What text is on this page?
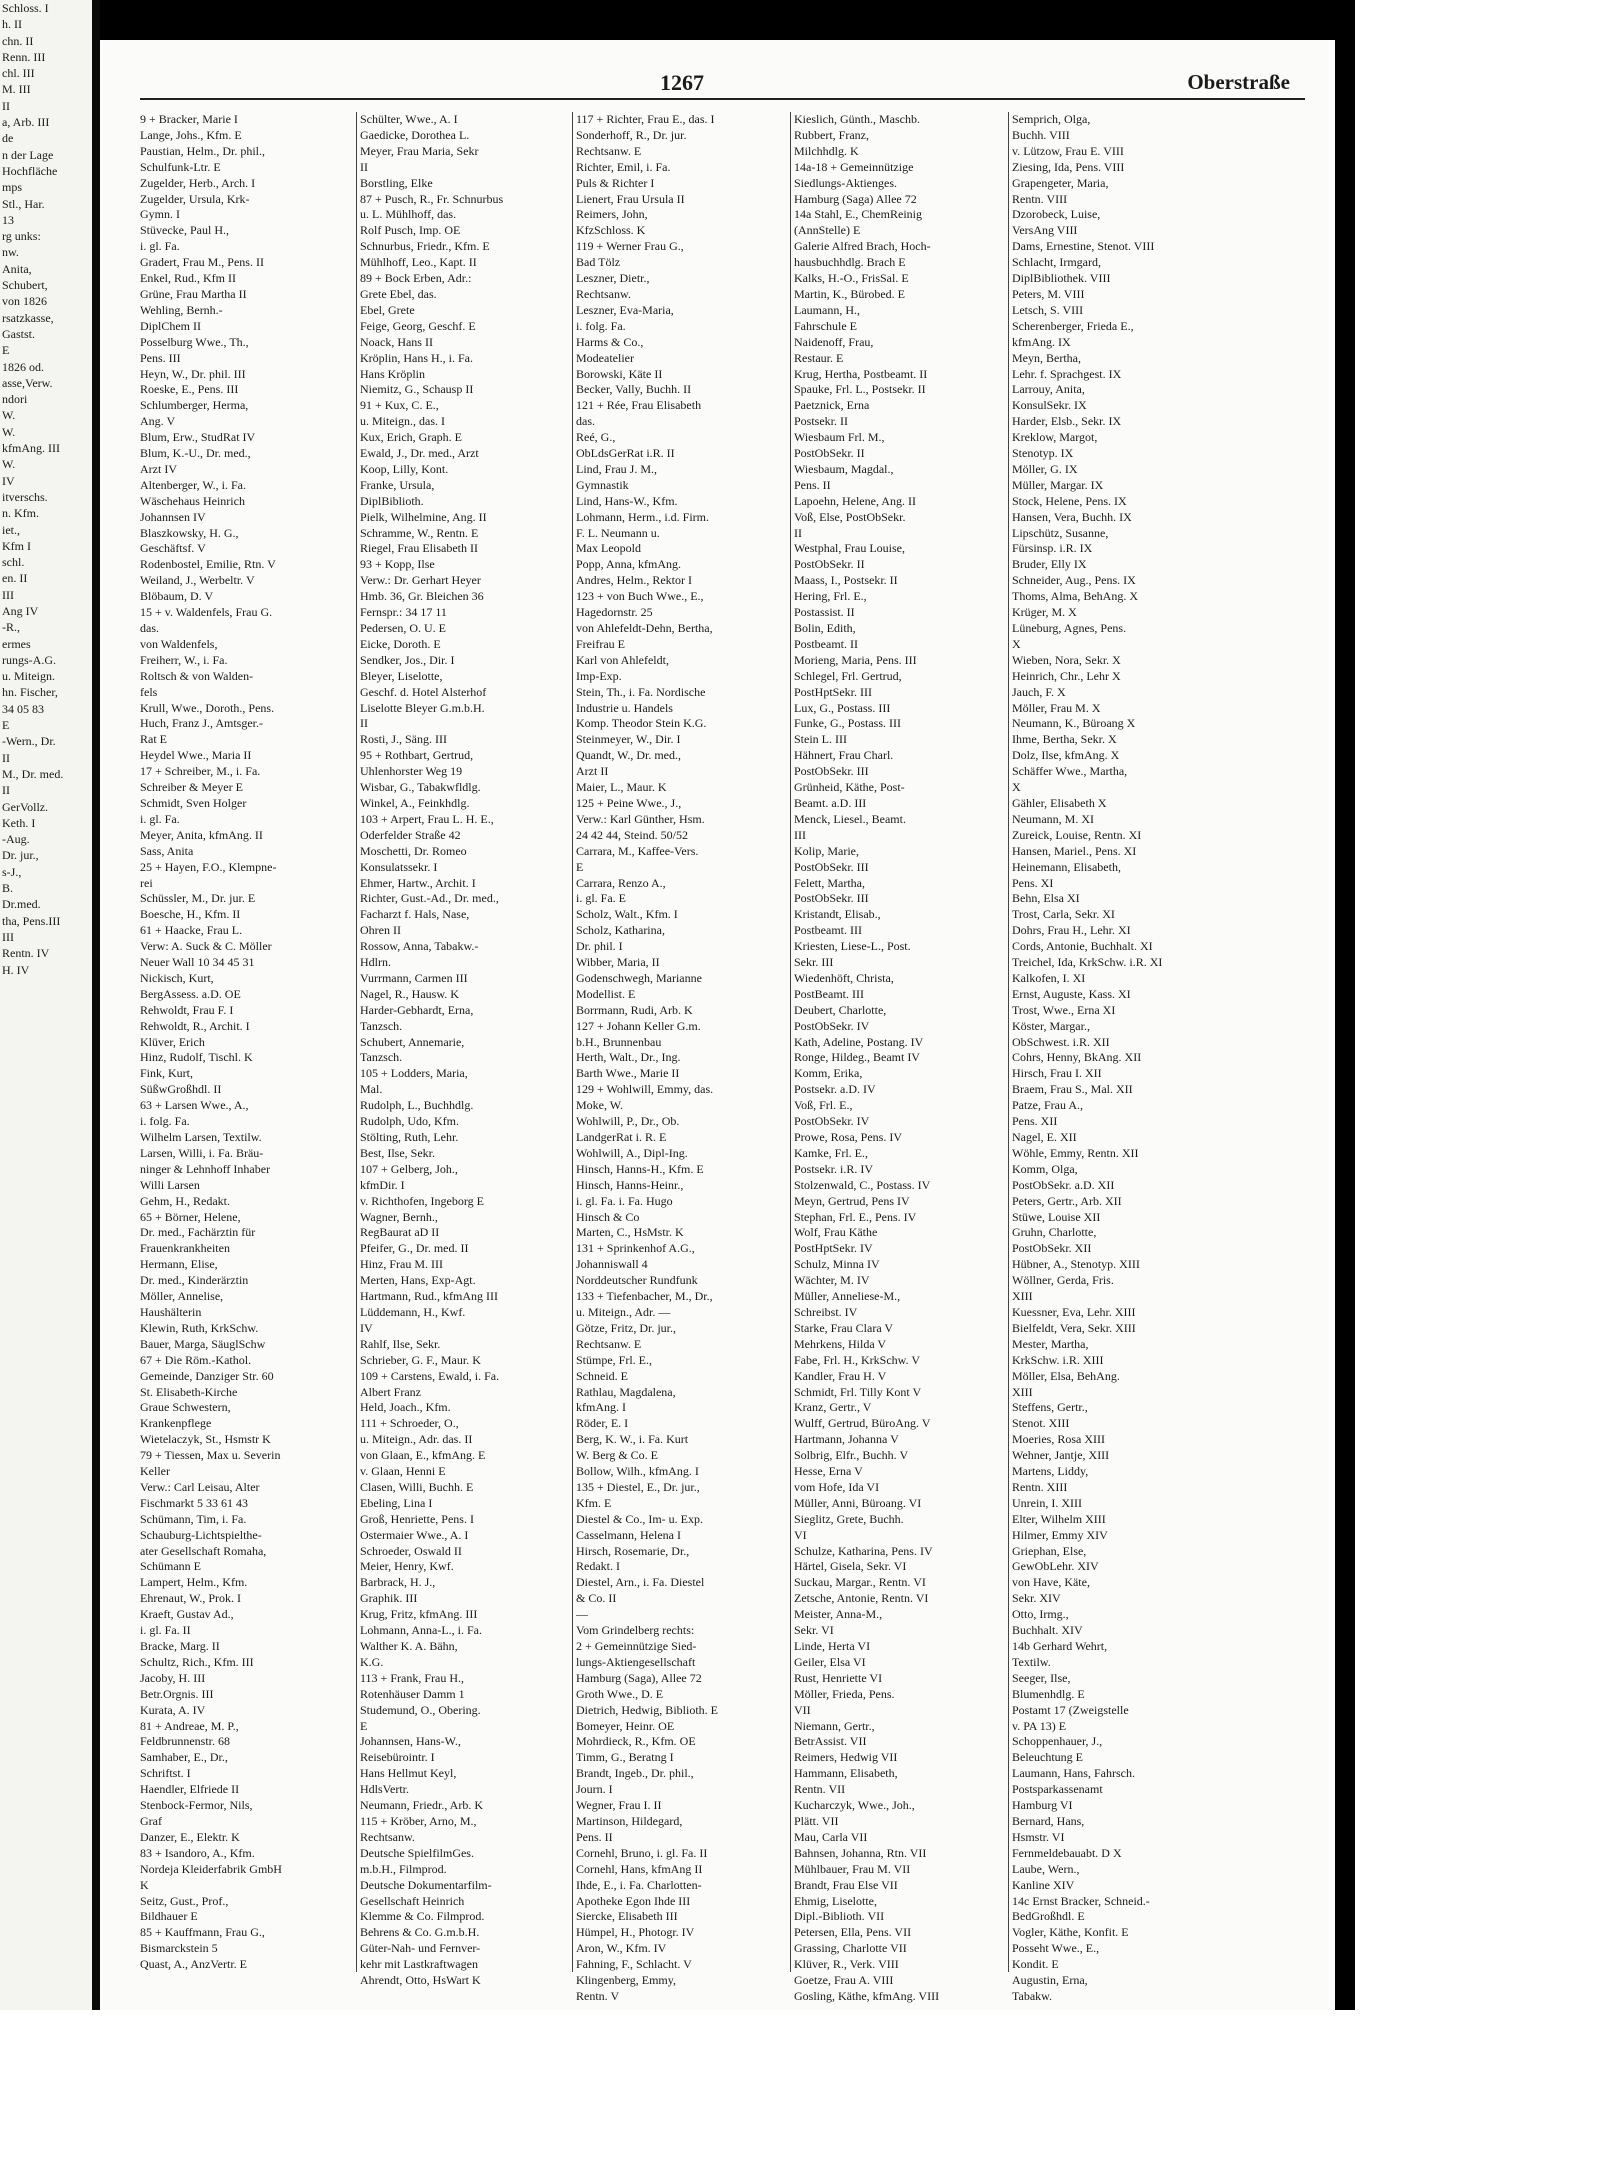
Schloss. I
h. II
chn. II
Renn. III
chl. III
M. III
II
a, Arb. III
de
n der Lage
Hochfläche
mps
Stl., Har.
13
rg unks:
nw.
Anita,
Schubert,
von 1826
rsatzkasse,
Gastst.
E
1826 od.
asse,Verw.
ndori
W.
W.
kfmAng. III
W.
IV
itverschs.
n. Kfm.
iet.,
Kfm I
schl.
en. II
III
Ang IV
-R.,
ermes
rungs-A.G.
u. Miteign.
hn. Fischer,
34 05 83
E
-Wern., Dr.
II
M., Dr. med.
II
GerVollz.
Keth. I
-Aug.
Dr. jur.,
s-J.,
B.
Dr.med.
tha, Pens.III
III
Rentn. IV
H. IV
1267	Oberstraße
9 + Bracker, Marie I
Lange, Johs., Kfm. E
Paustian, Helm., Dr. phil.,
Schulfunk-Ltr. E
Zugelder, Herb., Arch. I
Zugelder, Ursula, Krk-
Gymn. I
Stüvecke, Paul H.,
i. gl. Fa.
Gradert, Frau M., Pens. II
Enkel, Rud., Kfm II
Grüne, Frau Martha II
Wehling, Bernh.-
DiplChem II
Posselburg Wwe., Th.,
Pens. III
Heyn, W., Dr. phil. III
Roeske, E., Pens. III
Schlumberger, Herma,
Ang. V
Blum, Erw., StudRat IV
Blum, K.-U., Dr. med.,
Arzt IV
Altenberger, W., i. Fa.
Wäschehaus Heinrich
Johannsen IV
Blaszkowsky, H. G.,
Geschäftsf. V
Rodenbostel, Emilie, Rtn. V
Weiland, J., Werbeltr. V
Blöbaum, D. V
15 + v. Waldenfels, Frau G.
das.
von Waldenfels,
Freiherr, W., i. Fa.
Roltsch & von Walden-
fels
Krull, Wwe., Doroth., Pens.
Huch, Franz J., Amtsger.-
Rat E
Heydel Wwe., Maria II
17 + Schreiber, M., i. Fa.
Schreiber & Meyer E
Schmidt, Sven Holger
i. gl. Fa.
Meyer, Anita, kfmAng. II
Sass, Anita
25 + Hayen, F.O., Klempne-
rei
Schüssler, M., Dr. jur. E
Boesche, H., Kfm. II
61 + Haacke, Frau L.
Verw: A. Suck & C. Möller
Neuer Wall 10 34 45 31
Nickisch, Kurt,
BergAssess. a.D. OE
Rehwoldt, Frau F. I
Rehwoldt, R., Archit. I
Klüver, Erich
Hinz, Rudolf, Tischl. K
Fink, Kurt,
SüßwGroßhdl. II
63 + Larsen Wwe., A.,
i. folg. Fa.
Wilhelm Larsen, Textilw.
Larsen, Willi, i. Fa. Bräu-
ninger & Lehnhoff Inhaber
Willi Larsen
Gehm, H., Redakt.
65 + Börner, Helene,
Dr. med., Fachärztin für
Frauenkrankheiten
Hermann, Elise,
Dr. med., Kinderärztin
Möller, Annelise,
Haushälterin
Klewin, Ruth, KrkSchw.
Bauer, Marga, SäuglSchw
67 + Die Röm.-Kathol.
Gemeinde, Danziger Str. 60
St. Elisabeth-Kirche
Graue Schwestern,
Krankenpflege
Wietelaczyk, St., Hsmstr K
79 + Tiessen, Max u. Severin
Keller
Verw.: Carl Leisau, Alter
Fischmarkt 5 33 61 43
Schümann, Tim, i. Fa.
Schauburg-Lichtspielthe-
ater Gesellschaft Romaha,
Schümann E
Lampert, Helm., Kfm.
Ehrenaut, W., Prok. I
Kraeft, Gustav Ad.,
i. gl. Fa. II
Bracke, Marg. II
Schultz, Rich., Kfm. III
Jacoby, H. III
Betr.Orgnis. III
Kurata, A. IV
81 + Andreae, M. P.,
Feldbrunnenstr. 68
Samhaber, E., Dr.,
Schriftst. I
Haendler, Elfriede II
Stenbock-Fermor, Nils,
Graf
Danzer, E., Elektr. K
83 + Isandoro, A., Kfm.
Nordeja Kleiderfabrik GmbH
K
Seitz, Gust., Prof.,
Bildhauer E
85 + Kauffmann, Frau G.,
Bismarckstein 5
Quast, A., AnzVertr. E
Schülter, Wwe., A. I
Gaedicke, Dorothea L.
Meyer, Frau Maria, Sekr
II
Borstling, Elke
87 + Pusch, R., Fr. Schnurbus
u. L. Mühlhoff, das.
Rolf Pusch, Imp. OE
Schnurbus, Friedr., Kfm. E
Mühlhoff, Leo., Kapt. II
89 + Bock Erben, Adr.:
Grete Ebel, das.
Ebel, Grete
Feige, Georg, Geschf. E
Noack, Hans II
Kröplin, Hans H., i. Fa.
Hans Kröplin
Niemitz, G., Schausp II
91 + Kux, C. E.,
u. Miteign., das. I
Kux, Erich, Graph. E
Ewald, J., Dr. med., Arzt
Koop, Lilly, Kont.
Franke, Ursula,
DiplBiblioth.
Pielk, Wilhelmine, Ang. II
Schramme, W., Rentn. E
Riegel, Frau Elisabeth II
93 + Kopp, Ilse
Verw.: Dr. Gerhart Heyer
Hmb. 36, Gr. Bleichen 36
Fernspr.: 34 17 11
Pedersen, O. U. E
Eicke, Doroth. E
Sendker, Jos., Dir. I
Bleyer, Liselotte,
Geschf. d. Hotel Alsterhof
Liselotte Bleyer G.m.b.H.
II
Rosti, J., Säng. III
95 + Rothbart, Gertrud,
Uhlenhorster Weg 19
Wisbar, G., Tabakwfldlg.
Winkel, A., Feinkhdlg.
103 + Arpert, Frau L. H. E.,
Oderfelder Straße 42
Moschetti, Dr. Romeo
Konsulatssekr. I
Ehmer, Hartw., Archit. I
Richter, Gust.-Ad., Dr. med.,
Facharzt f. Hals, Nase,
Ohren II
Rossow, Anna, Tabakw.-
Hdlrn.
Vurrmann, Carmen III
Nagel, R., Hausw. K
Harder-Gebhardt, Erna,
Tanzsch.
Schubert, Annemarie,
Tanzsch.
105 + Lodders, Maria,
Mal.
Rudolph, L., Buchhdlg.
Rudolph, Udo, Kfm.
Stölting, Ruth, Lehr.
Best, Ilse, Sekr.
107 + Gelberg, Joh.,
kfmDir. I
v. Richthofen, Ingeborg E
Wagner, Bernh.,
RegBaurat aD II
Pfeifer, G., Dr. med. II
Hinz, Frau M. III
Merten, Hans, Exp-Agt.
Hartmann, Rud., kfmAng III
Lüddemann, H., Kwf.
IV
Rahlf, Ilse, Sekr.
Schrieber, G. F., Maur. K
109 + Carstens, Ewald, i. Fa.
Albert Franz
Held, Joach., Kfm.
111 + Schroeder, O.,
u. Miteign., Adr. das. II
von Glaan, E., kfmAng. E
v. Glaan, Henni E
Clasen, Willi, Buchh. E
Ebeling, Lina I
Groß, Henriette, Pens. I
Ostermaier Wwe., A. I
Schroeder, Oswald II
Meier, Henry, Kwf.
Barbrack, H. J.,
Graphik. III
Krug, Fritz, kfmAng. III
Lohmann, Anna-L., i. Fa.
Walther K. A. Bähn,
K.G.
113 + Frank, Frau H.,
Rotenhäuser Damm 1
Studemund, O., Obering.
E
Johannsen, Hans-W.,
Reisebürointr. I
Hans Hellmut Keyl,
HdlsVertr.
Neumann, Friedr., Arb. K
115 + Kröber, Arno, M.,
Rechtsanw.
Deutsche SpielfilmGes.
m.b.H., Filmprod.
Deutsche Dokumentarfilm-
Gesellschaft Heinrich
Klemme & Co. Filmprod.
Behrens & Co. G.m.b.H.
Güter-Nah- und Fernver-
kehr mit Lastkraftwagen
Ahrendt, Otto, HsWart K
117 + Richter, Frau E., das. I
Sonderhoff, R., Dr. jur.
Rechtsanw. E
Richter, Emil, i. Fa.
Puls & Richter I
Lienert, Frau Ursula II
Reimers, John,
KfzSchloss. K
119 + Werner Frau G.,
Bad Tölz
Leszner, Dietr.,
Rechtsanw.
Leszner, Eva-Maria,
i. folg. Fa.
Harms & Co.,
Modeatelier
Borowski, Käte II
Becker, Vally, Buchh. II
121 + Rée, Frau Elisabeth
das.
Reé, G.,
ObLdsGerRat i.R. II
Lind, Frau J. M.,
Gymnastik
Lind, Hans-W., Kfm.
Lohmann, Herm., i.d. Firm.
F. L. Neumann u.
Max Leopold
Popp, Anna, kfmAng.
Andres, Helm., Rektor I
123 + von Buch Wwe., E.,
Hagedornstr. 25
von Ahlefeldt-Dehn, Bertha,
Freifrau E
Karl von Ahlefeldt,
Imp-Exp.
Stein, Th., i. Fa. Nordische
Industrie u. Handels
Komp. Theodor Stein K.G.
Steinmeyer, W., Dir. I
Quandt, W., Dr. med.,
Arzt II
Maier, L., Maur. K
125 + Peine Wwe., J.,
Verw.: Karl Günther, Hsm.
24 42 44, Steind. 50/52
Carrara, M., Kaffee-Vers.
E
Carrara, Renzo A.,
i. gl. Fa. E
Scholz, Walt., Kfm. I
Scholz, Katharina,
Dr. phil. I
Wibber, Maria, II
Godenschwegh, Marianne
Modellist. E
Borrmann, Rudi, Arb. K
127 + Johann Keller G.m.
b.H., Brunnenbau
Herth, Walt., Dr., Ing.
Barth Wwe., Marie II
129 + Wohlwill, Emmy, das.
Moke, W.
Wohlwill, P., Dr., Ob.
LandgerRat i. R. E
Wohlwill, A., Dipl-Ing.
Hinsch, Hanns-H., Kfm. E
Hinsch, Hanns-Heinr.,
i. gl. Fa. i. Fa. Hugo
Hinsch & Co
Marten, C., HsMstr. K
131 + Sprinkenhof A.G.,
Johanniswall 4
Norddeutscher Rundfunk
133 + Tiefenbacher, M., Dr.,
u. Miteign., Adr. —
Götze, Fritz, Dr. jur.,
Rechtsanw. E
Stümpe, Frl. E.,
Schneid. E
Rathlau, Magdalena,
kfmAng. I
Röder, E. I
Berg, K. W., i. Fa. Kurt
W. Berg & Co. E
Bollow, Wilh., kfmAng. I
135 + Diestel, E., Dr. jur.,
Kfm. E
Diestel & Co., Im- u. Exp.
Casselmann, Helena I
Hirsch, Rosemarie, Dr.,
Redakt. I
Diestel, Arn., i. Fa. Diestel
& Co. II
—
Vom Grindelberg rechts:
2 + Gemeinnützige Sied-
lungs-Aktiengesellschaft
Hamburg (Saga), Allee 72
Groth Wwe., D. E
Dietrich, Hedwig, Biblioth. E
Bomeyer, Heinr. OE
Mohrdieck, R., Kfm. OE
Timm, G., Beratng I
Brandt, Ingeb., Dr. phil.,
Journ. I
Wegner, Frau I. II
Martinson, Hildegard,
Pens. II
Cornehl, Bruno, i. gl. Fa. II
Cornehl, Hans, kfmAng II
Ihde, E., i. Fa. Charlotten-
Apotheke Egon Ihde III
Siercke, Elisabeth III
Hümpel, H., Photogr. IV
Aron, W., Kfm. IV
Fahning, F., Schlacht. V
Klingenberg, Emmy,
Rentn. V
Kieslich, Günth., Maschb.
Rubbert, Franz,
Milchhdlg. K
14a-18 + Gemeinnützige
Siedlungs-Aktienges.
Hamburg (Saga) Allee 72
14a Stahl, E., ChemReinig
(AnnStelle) E
Galerie Alfred Brach, Hoch-
hausbuchhdlg. Brach E
Kalks, H.-O., FrisSal. E
Martin, K., Bürobed. E
Laumann, H.,
Fahrschule E
Naidenoff, Frau,
Restaur. E
Krug, Hertha, Postbeamt. II
Spauke, Frl. L., Postsekr. II
Paetznick, Erna
Postsekr. II
Wiesbaum Frl. M.,
PostObSekr. II
Wiesbaum, Magdal.,
Pens. II
Lapoehn, Helene, Ang. II
Voß, Else, PostObSekr.
II
Westphal, Frau Louise,
PostObSekr. II
Maass, I., Postsekr. II
Hering, Frl. E.,
Postassist. II
Bolin, Edith,
Postbeamt. II
Morieng, Maria, Pens. III
Schlegel, Frl. Gertrud,
PostHptSekr. III
Lux, G., Postass. III
Funke, G., Postass. III
Stein L. III
Hähnert, Frau Charl.
PostObSekr. III
Grünheid, Käthe, Post-
Beamt. a.D. III
Menck, Liesel., Beamt.
III
Kolip, Marie,
PostObSekr. III
Felett, Martha,
PostObSekr. III
Kristandt, Elisab.,
Postbeamt. III
Kriesten, Liese-L., Post.
Sekr. III
Wiedenhöft, Christa,
PostBeamt. III
Deubert, Charlotte,
PostObSekr. IV
Kath, Adeline, Postang. IV
Ronge, Hildeg., Beamt IV
Komm, Erika,
Postsekr. a.D. IV
Voß, Frl. E.,
PostObSekr. IV
Prowe, Rosa, Pens. IV
Kamke, Frl. E.,
Postsekr. i.R. IV
Stolzenwald, C., Postass. IV
Meyn, Gertrud, Pens IV
Stephan, Frl. E., Pens. IV
Wolf, Frau Käthe
PostHptSekr. IV
Schulz, Minna IV
Wächter, M. IV
Müller, Anneliese-M.,
Schreibst. IV
Starke, Frau Clara V
Mehrkens, Hilda V
Fabe, Frl. H., KrkSchw. V
Kandler, Frau H. V
Schmidt, Frl. Tilly Kont V
Kranz, Gertr., V
Wulff, Gertrud, BüroAng. V
Hartmann, Johanna V
Solbrig, Elfr., Buchh. V
Hesse, Erna V
vom Hofe, Ida VI
Müller, Anni, Büroang. VI
Sieglitz, Grete, Buchh.
VI
Schulze, Katharina, Pens. IV
Härtel, Gisela, Sekr. VI
Suckau, Margar., Rentn. VI
Zetsche, Antonie, Rentn. VI
Meister, Anna-M.,
Sekr. VI
Linde, Herta VI
Geiler, Elsa VI
Rust, Henriette VI
Möller, Frieda, Pens.
VII
Niemann, Gertr.,
BetrAssist. VII
Reimers, Hedwig VII
Hammann, Elisabeth,
Rentn. VII
Kucharczyk, Wwe., Joh.,
Plätt. VII
Mau, Carla VII
Bahnsen, Johanna, Rtn. VII
Mühlbauer, Frau M. VII
Brandt, Frau Else VII
Ehmig, Liselotte,
Dipl.-Biblioth. VII
Petersen, Ella, Pens. VII
Grassing, Charlotte VII
Klüver, R., Verk. VIII
Goetze, Frau A. VIII
Gosling, Käthe, kfmAng. VIII
Semprich, Olga,
Buchh. VIII
v. Lützow, Frau E. VIII
Ziesing, Ida, Pens. VIII
Grapengeter, Maria,
Rentn. VIII
Dzorobeck, Luise,
VersAng VIII
Dams, Ernestine, Stenot. VIII
Schlacht, Irmgard,
DiplBibliothek. VIII
Peters, M. VIII
Letsch, S. VIII
Scherenberger, Frieda E.,
kfmAng. IX
Meyn, Bertha,
Lehr. f. Sprachgest. IX
Larrouy, Anita,
KonsulSekr. IX
Harder, Elsb., Sekr. IX
Kreklow, Margot,
Stenotyp. IX
Möller, G. IX
Müller, Margar. IX
Stock, Helene, Pens. IX
Hansen, Vera, Buchh. IX
Lipschütz, Susanne,
Fürsinsp. i.R. IX
Bruder, Elly IX
Schneider, Aug., Pens. IX
Thoms, Alma, BehAng. X
Krüger, M. X
Lüneburg, Agnes, Pens.
X
Wieben, Nora, Sekr. X
Heinrich, Chr., Lehr X
Jauch, F. X
Möller, Frau M. X
Neumann, K., Büroang X
Ihme, Bertha, Sekr. X
Dolz, Ilse, kfmAng. X
Schäffer Wwe., Martha,
X
Gähler, Elisabeth X
Neumann, M. XI
Zureick, Louise, Rentn. XI
Hansen, Mariel., Pens. XI
Heinemann, Elisabeth,
Pens. XI
Behn, Elsa XI
Trost, Carla, Sekr. XI
Dohrs, Frau H., Lehr. XI
Cords, Antonie, Buchhalt. XI
Treichel, Ida, KrkSchw. i.R. XI
Kalkofen, I. XI
Ernst, Auguste, Kass. XI
Trost, Wwe., Erna XI
Köster, Margar.,
ObSchwest. i.R. XII
Cohrs, Henny, BkAng. XII
Hirsch, Frau I. XII
Braem, Frau S., Mal. XII
Patze, Frau A.,
Pens. XII
Nagel, E. XII
Wöhle, Emmy, Rentn. XII
Komm, Olga,
PostObSekr. a.D. XII
Peters, Gertr., Arb. XII
Stüwe, Louise XII
Gruhn, Charlotte,
PostObSekr. XII
Hübner, A., Stenotyp. XIII
Wöllner, Gerda, Fris.
XIII
Kuessner, Eva, Lehr. XIII
Bielfeldt, Vera, Sekr. XIII
Mester, Martha,
KrkSchw. i.R. XIII
Möller, Elsa, BehAng.
XIII
Steffens, Gertr.,
Stenot. XIII
Moeries, Rosa XIII
Wehner, Jantje, XIII
Martens, Liddy,
Rentn. XIII
Unrein, I. XIII
Elter, Wilhelm XIII
Hilmer, Emmy XIV
Griephan, Else,
GewObLehr. XIV
von Have, Käte,
Sekr. XIV
Otto, Irmg.,
Buchhalt. XIV
14b Gerhard Wehrt,
Textilw.
Seeger, Ilse,
Blumenhdlg. E
Postamt 17 (Zweigstelle
v. PA 13) E
Schoppenhauer, J.,
Beleuchtung E
Laumann, Hans, Fahrsch.
Postsparkassenamt
Hamburg VI
Bernard, Hans,
Hsmstr. VI
Fernmeldebauabt. D X
Laube, Wern.,
Kanline XIV
14c Ernst Bracker, Schneid.-
BedGroßhdl. E
Vogler, Käthe, Konfit. E
Posseht Wwe., E.,
Kondit. E
Augustin, Erna,
Tabakw.
